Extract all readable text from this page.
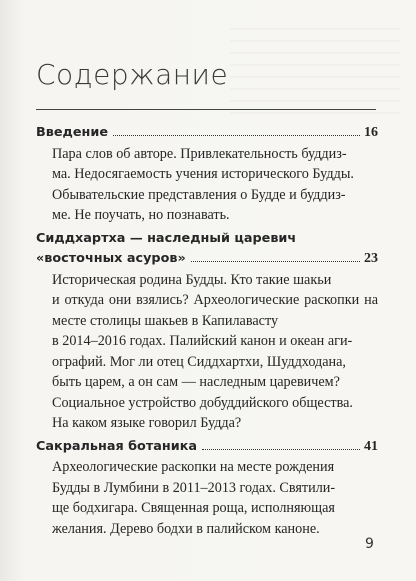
Содержание
Введение	16
Пара слов об авторе. Привлекательность буддиз-
ма. Недосягаемость учения исторического Будды.
Обывательские представления о Будде и буддиз-
ме. Не поучать, но познавать.
Сиддхартха — наследный царевич
«восточных асуров»	23
Историческая родина Будды. Кто такие шакьи
и откуда они взялись? Археологические раскопки на месте столицы шакьев в Капилавасту
в 2014–2016 годах. Палийский канон и океан аги-
ографий. Мог ли отец Сиддхартхи, Шуддходана,
быть царем, а он сам — наследным царевичем?
Социальное устройство добуддийского общества.
На каком языке говорил Будда?
Сакральная ботаника	41
Археологические раскопки на месте рождения
Будды в Лумбини в 2011–2013 годах. Святили-
ще бодхигара. Священная роща, исполняющая
желания. Дерево бодхи в палийском каноне.
9
